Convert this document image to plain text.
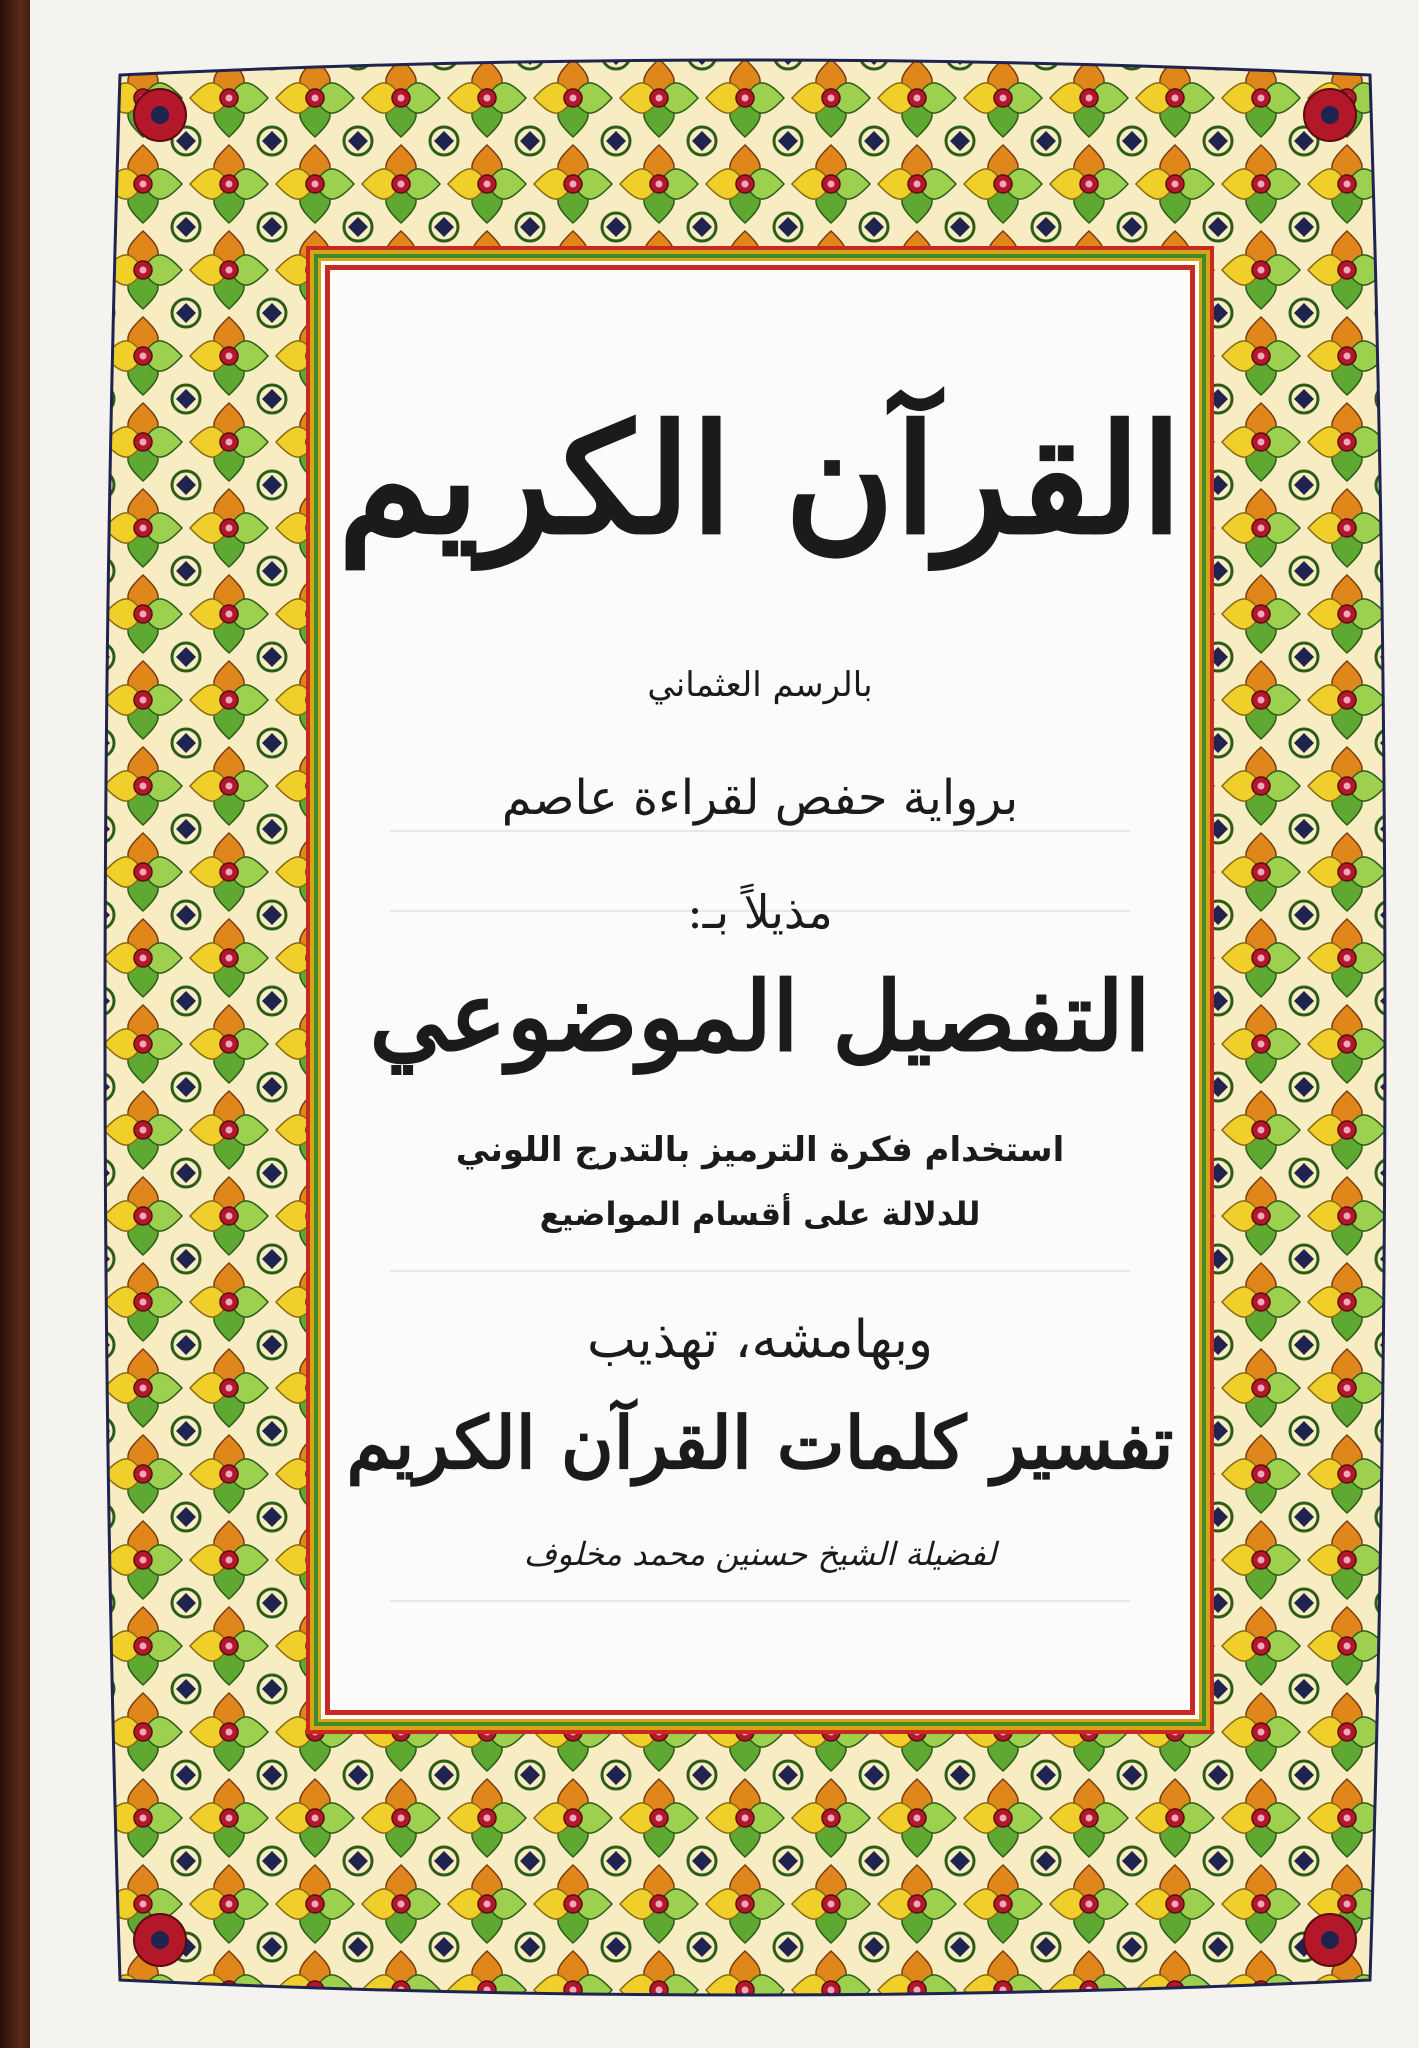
القرآن الكريم
بالرسم العثماني
برواية حفص لقراءة عاصم
مذيلاً بـ:
التفصيل الموضوعي
استخدام فكرة الترميز بالتدرج اللوني
للدلالة على أقسام المواضيع
وبهامشه، تهذيب
تفسير كلمات القرآن الكريم
لفضيلة الشيخ حسنين محمد مخلوف
